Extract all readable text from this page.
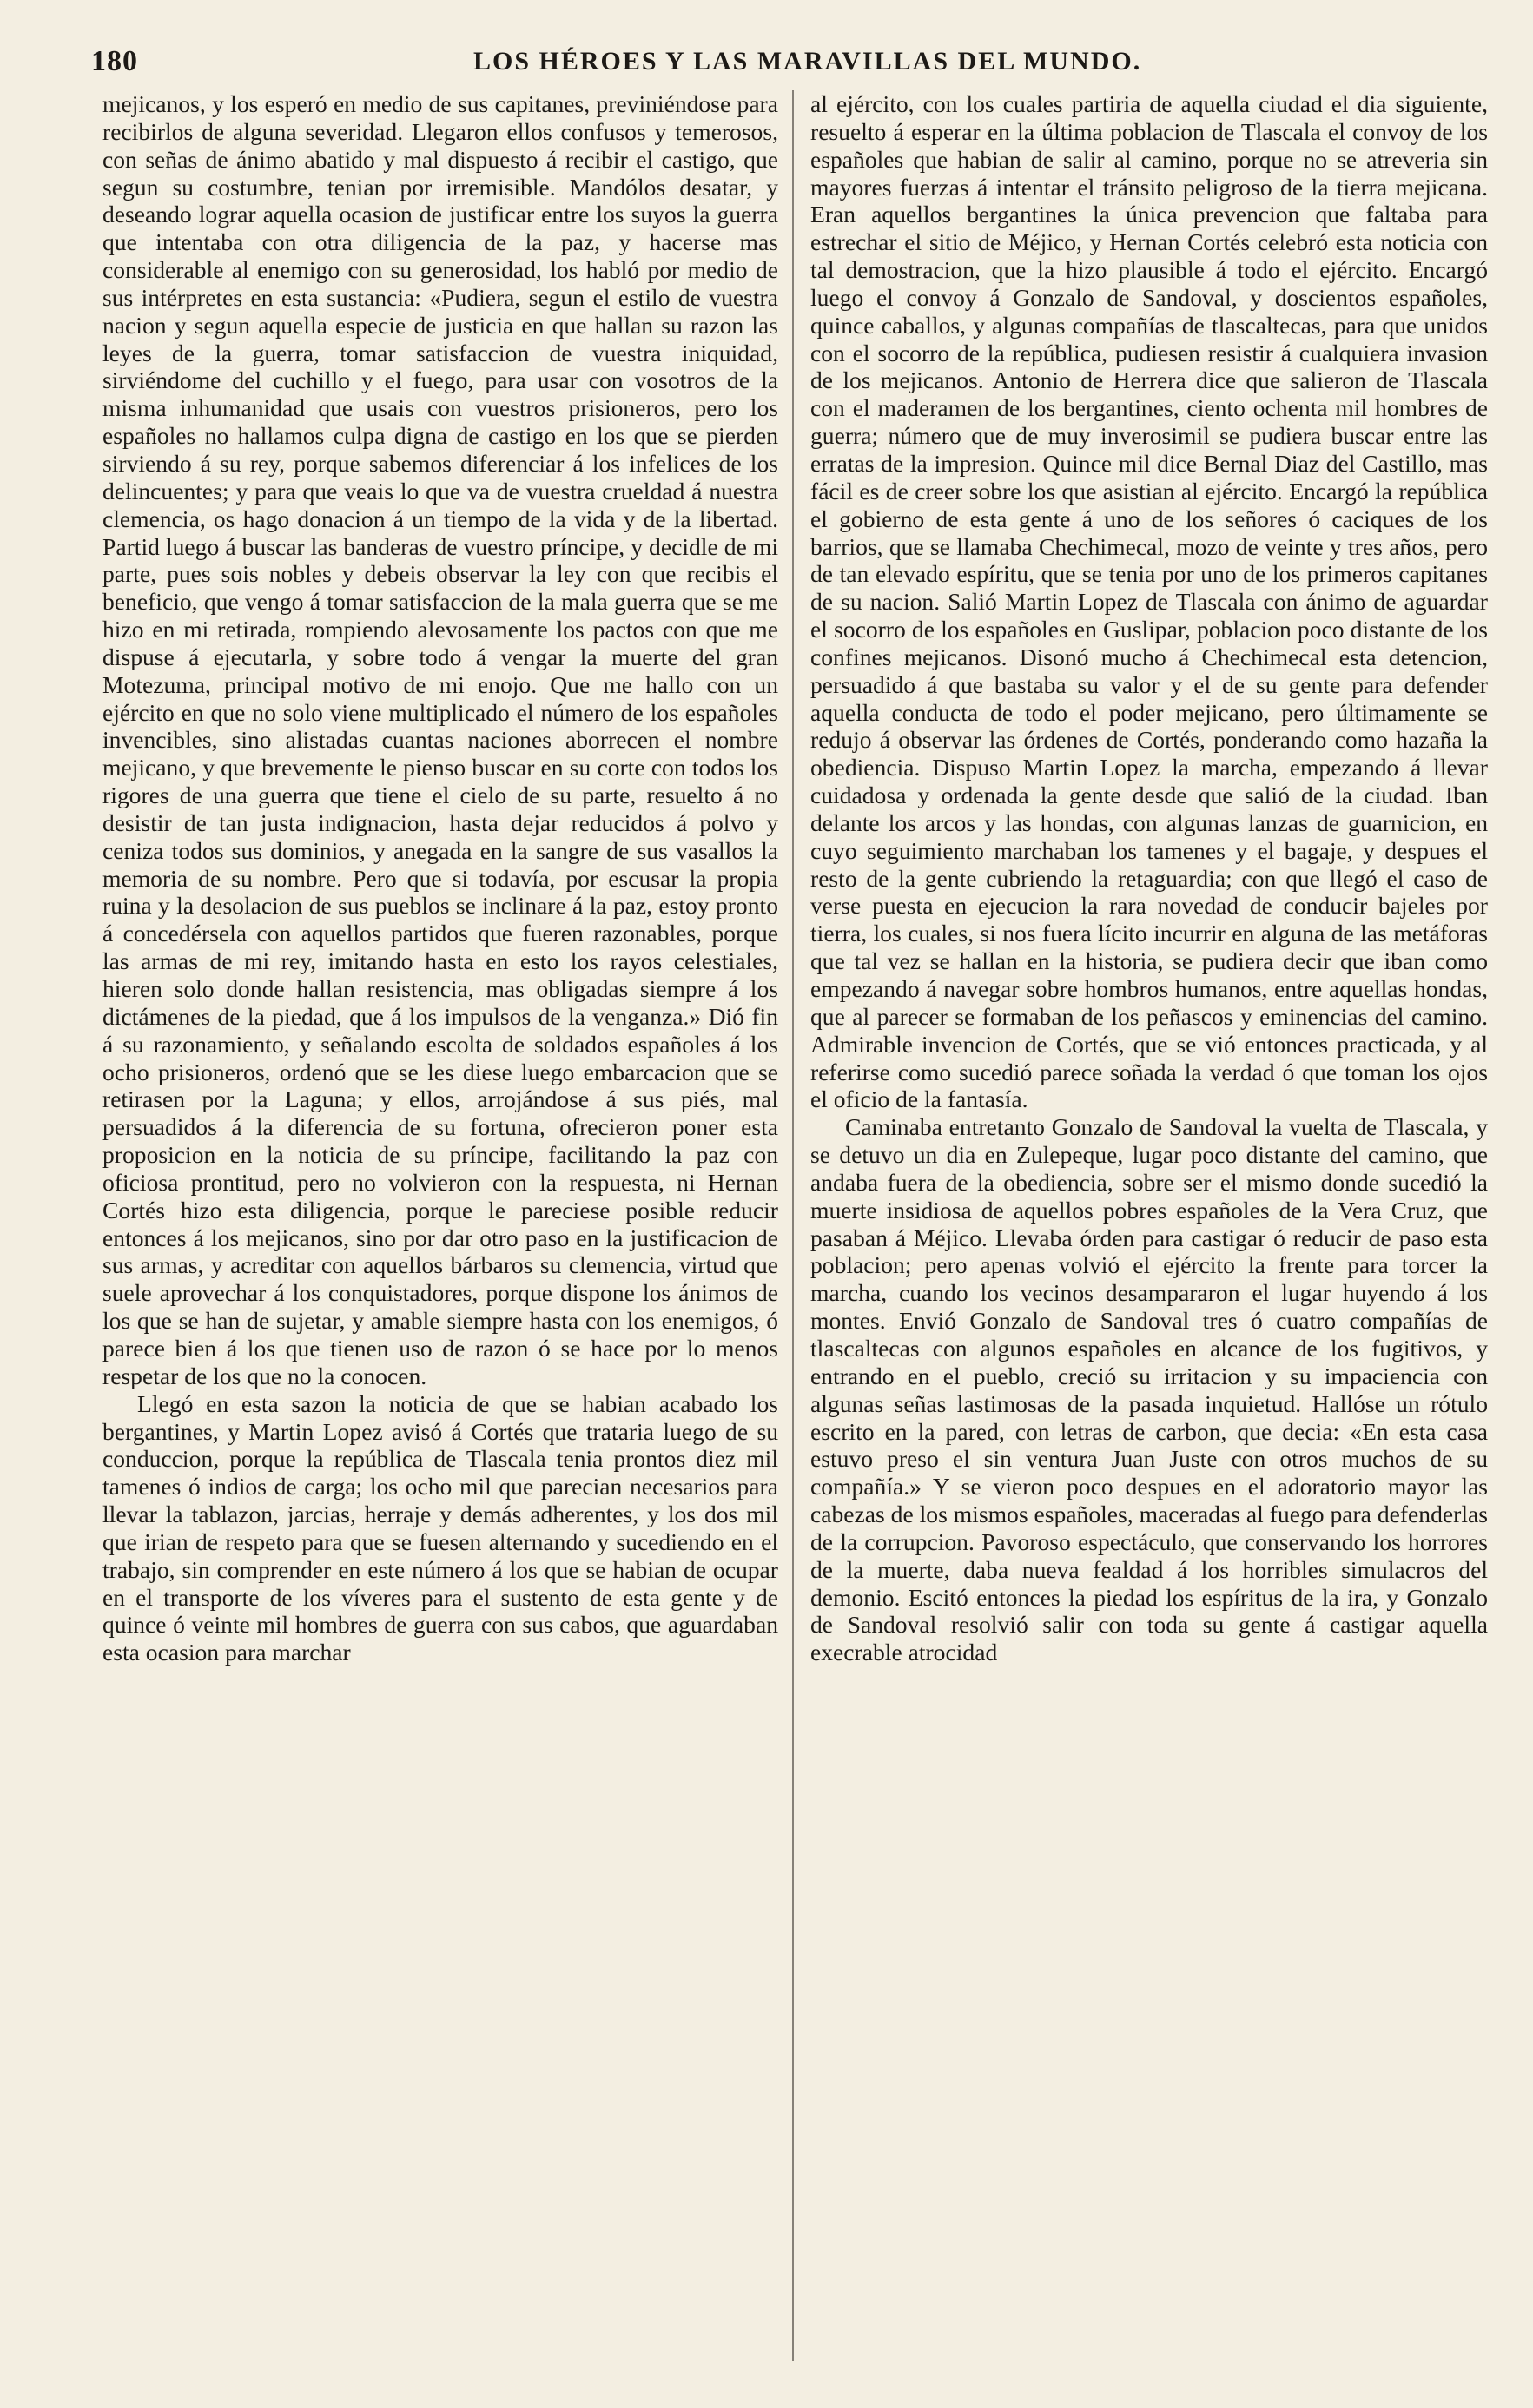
180	LOS HÉROES Y LAS MARAVILLAS DEL MUNDO.

mejicanos, y los esperó en medio de sus capitanes, previniéndose para recibirlos de alguna severidad. Llegaron ellos confusos y temerosos, con señas de ánimo abatido y mal dispuesto á recibir el castigo, que segun su costumbre, tenian por irremisible. Mandólos desatar, y deseando lograr aquella ocasion de justificar entre los suyos la guerra que intentaba con otra diligencia de la paz, y hacerse mas considerable al enemigo con su generosidad, los habló por medio de sus intérpretes en esta sustancia: «Pudiera, segun el estilo de vuestra nacion y segun aquella especie de justicia en que hallan su razon las leyes de la guerra, tomar satisfaccion de vuestra iniquidad, sirviéndome del cuchillo y el fuego, para usar con vosotros de la misma inhumanidad que usais con vuestros prisioneros, pero los españoles no hallamos culpa digna de castigo en los que se pierden sirviendo á su rey, porque sabemos diferenciar á los infelices de los delincuentes; y para que veais lo que va de vuestra crueldad á nuestra clemencia, os hago donacion á un tiempo de la vida y de la libertad. Partid luego á buscar las banderas de vuestro príncipe, y decidle de mi parte, pues sois nobles y debeis observar la ley con que recibis el beneficio, que vengo á tomar satisfaccion de la mala guerra que se me hizo en mi retirada, rompiendo alevosamente los pactos con que me dispuse á ejecutarla, y sobre todo á vengar la muerte del gran Motezuma, principal motivo de mi enojo. Que me hallo con un ejército en que no solo viene multiplicado el número de los españoles invencibles, sino alistadas cuantas naciones aborrecen el nombre mejicano, y que brevemente le pienso buscar en su corte con todos los rigores de una guerra que tiene el cielo de su parte, resuelto á no desistir de tan justa indignacion, hasta dejar reducidos á polvo y ceniza todos sus dominios, y anegada en la sangre de sus vasallos la memoria de su nombre. Pero que si todavía, por escusar la propia ruina y la desolacion de sus pueblos se inclinare á la paz, estoy pronto á concedérsela con aquellos partidos que fueren razonables, porque las armas de mi rey, imitando hasta en esto los rayos celestiales, hieren solo donde hallan resistencia, mas obligadas siempre á los dictámenes de la piedad, que á los impulsos de la venganza.» Dió fin á su razonamiento, y señalando escolta de soldados españoles á los ocho prisioneros, ordenó que se les diese luego embarcacion que se retirasen por la Laguna; y ellos, arrojándose á sus piés, mal persuadidos á la diferencia de su fortuna, ofrecieron poner esta proposicion en la noticia de su príncipe, facilitando la paz con oficiosa prontitud, pero no volvieron con la respuesta, ni Hernan Cortés hizo esta diligencia, porque le pareciese posible reducir entonces á los mejicanos, sino por dar otro paso en la justificacion de sus armas, y acreditar con aquellos bárbaros su clemencia, virtud que suele aprovechar á los conquistadores, porque dispone los ánimos de los que se han de sujetar, y amable siempre hasta con los enemigos, ó parece bien á los que tienen uso de razon ó se hace por lo menos respetar de los que no la conocen.

Llegó en esta sazon la noticia de que se habian acabado los bergantines, y Martin Lopez avisó á Cortés que trataria luego de su conduccion, porque la república de Tlascala tenia prontos diez mil tamenes ó indios de carga; los ocho mil que parecian necesarios para llevar la tablazon, jarcias, herraje y demás adherentes, y los dos mil que irian de respeto para que se fuesen alternando y sucediendo en el trabajo, sin comprender en este número á los que se habian de ocupar en el transporte de los víveres para el sustento de esta gente y de quince ó veinte mil hombres de guerra con sus cabos, que aguardaban esta ocasion para marchar

al ejército, con los cuales partiria de aquella ciudad el dia siguiente, resuelto á esperar en la última poblacion de Tlascala el convoy de los españoles que habian de salir al camino, porque no se atreveria sin mayores fuerzas á intentar el tránsito peligroso de la tierra mejicana. Eran aquellos bergantines la única prevencion que faltaba para estrechar el sitio de Méjico, y Hernan Cortés celebró esta noticia con tal demostracion, que la hizo plausible á todo el ejército. Encargó luego el convoy á Gonzalo de Sandoval, y doscientos españoles, quince caballos, y algunas compañías de tlascaltecas, para que unidos con el socorro de la república, pudiesen resistir á cualquiera invasion de los mejicanos. Antonio de Herrera dice que salieron de Tlascala con el maderamen de los bergantines, ciento ochenta mil hombres de guerra; número que de muy inverosimil se pudiera buscar entre las erratas de la impresion. Quince mil dice Bernal Diaz del Castillo, mas fácil es de creer sobre los que asistian al ejército. Encargó la república el gobierno de esta gente á uno de los señores ó caciques de los barrios, que se llamaba Chechimecal, mozo de veinte y tres años, pero de tan elevado espíritu, que se tenia por uno de los primeros capitanes de su nacion. Salió Martin Lopez de Tlascala con ánimo de aguardar el socorro de los españoles en Guslipar, poblacion poco distante de los confines mejicanos. Disonó mucho á Chechimecal esta detencion, persuadido á que bastaba su valor y el de su gente para defender aquella conducta de todo el poder mejicano, pero últimamente se redujo á observar las órdenes de Cortés, ponderando como hazaña la obediencia. Dispuso Martin Lopez la marcha, empezando á llevar cuidadosa y ordenada la gente desde que salió de la ciudad. Iban delante los arcos y las hondas, con algunas lanzas de guarnicion, en cuyo seguimiento marchaban los tamenes y el bagaje, y despues el resto de la gente cubriendo la retaguardia; con que llegó el caso de verse puesta en ejecucion la rara novedad de conducir bajeles por tierra, los cuales, si nos fuera lícito incurrir en alguna de las metáforas que tal vez se hallan en la historia, se pudiera decir que iban como empezando á navegar sobre hombros humanos, entre aquellas hondas, que al parecer se formaban de los peñascos y eminencias del camino. Admirable invencion de Cortés, que se vió entonces practicada, y al referirse como sucedió parece soñada la verdad ó que toman los ojos el oficio de la fantasía.

Caminaba entretanto Gonzalo de Sandoval la vuelta de Tlascala, y se detuvo un dia en Zulepeque, lugar poco distante del camino, que andaba fuera de la obediencia, sobre ser el mismo donde sucedió la muerte insidiosa de aquellos pobres españoles de la Vera Cruz, que pasaban á Méjico. Llevaba órden para castigar ó reducir de paso esta poblacion; pero apenas volvió el ejército la frente para torcer la marcha, cuando los vecinos desampararon el lugar huyendo á los montes. Envió Gonzalo de Sandoval tres ó cuatro compañías de tlascaltecas con algunos españoles en alcance de los fugitivos, y entrando en el pueblo, creció su irritacion y su impaciencia con algunas señas lastimosas de la pasada inquietud. Hallóse un rótulo escrito en la pared, con letras de carbon, que decia: «En esta casa estuvo preso el sin ventura Juan Juste con otros muchos de su compañía.» Y se vieron poco despues en el adoratorio mayor las cabezas de los mismos españoles, maceradas al fuego para defenderlas de la corrupcion. Pavoroso espectáculo, que conservando los horrores de la muerte, daba nueva fealdad á los horribles simulacros del demonio. Escitó entonces la piedad los espíritus de la ira, y Gonzalo de Sandoval resolvió salir con toda su gente á castigar aquella execrable atrocidad
